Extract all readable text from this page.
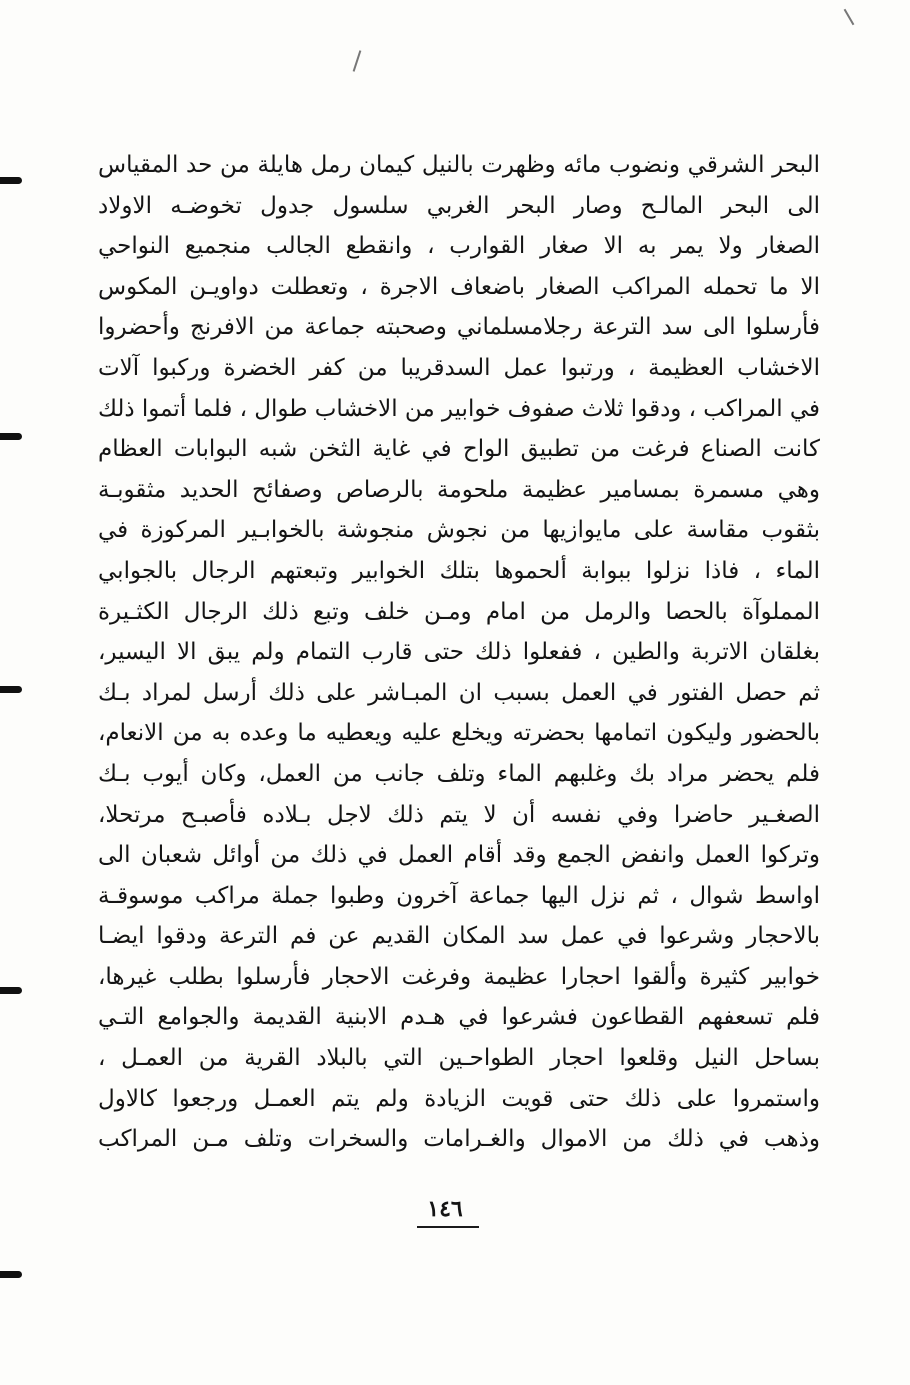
البحر الشرقي ونضوب مائه وظهرت بالنيل كيمان رمل هايلة من حد المقياس
الى البحر المالـح وصار البحر الغربي سلسول جدول تخوضـه الاولاد
الصغار ولا يمر به الا صغار القوارب ، وانقطع الجالب منجميع النواحي
الا ما تحمله المراكب الصغار باضعاف الاجرة ، وتعطلت دواويـن المكوس
فأرسلوا الى سد الترعة رجلامسلماني وصحبته جماعة من الافرنج وأحضروا
الاخشاب العظيمة ، ورتبوا عمل السدقريبا من كفر الخضرة وركبوا آلات
في المراكب ، ودقوا ثلاث صفوف خوابير من الاخشاب طوال ، فلما أتموا ذلك
كانت الصناع فرغت من تطبيق الواح في غاية الثخن شبه البوابات العظام
وهي مسمرة بمسامير عظيمة ملحومة بالرصاص وصفائح الحديد مثقوبـة
بثقوب مقاسة على مايوازيها من نجوش منجوشة بالخوابـير المركوزة في
الماء ، فاذا نزلوا ببوابة ألحموها بتلك الخوابير وتبعتهم الرجال بالجوابي
المملوآة بالحصا والرمل من امام ومـن خلف وتبع ذلك الرجال الكثـيرة
بغلقان الاتربة والطين ، ففعلوا ذلك حتى قارب التمام ولم يبق الا اليسير،
ثم حصل الفتور في العمل بسبب ان المبـاشر على ذلك أرسل لمراد بـك
بالحضور وليكون اتمامها بحضرته ويخلع عليه ويعطيه ما وعده به من الانعام،
فلم يحضر مراد بك وغلبهم الماء وتلف جانب من العمل، وكان أيوب بـك
الصغـير حاضرا وفي نفسه أن لا يتم ذلك لاجل بـلاده فأصبـح مرتحلا،
وتركوا العمل وانفض الجمع وقد أقام العمل في ذلك من أوائل شعبان الى
اواسط شوال ، ثم نزل اليها جماعة آخرون وطبوا جملة مراكب موسوقـة
بالاحجار وشرعوا في عمل سد المكان القديم عن فم الترعة ودقوا ايضـا
خوابير كثيرة وألقوا احجارا عظيمة وفرغت الاحجار فأرسلوا بطلب غيرها،
فلم تسعفهم القطاعون فشرعوا في هـدم الابنية القديمة والجوامع التـي
بساحل النيل وقلعوا احجار الطواحـين التي بالبلاد القرية من العمـل ،
واستمروا على ذلك حتى قويت الزيادة ولم يتم العمـل ورجعوا كالاول
وذهب في ذلك من الاموال والغـرامات والسخرات وتلف مـن المراكب
١٤٦
